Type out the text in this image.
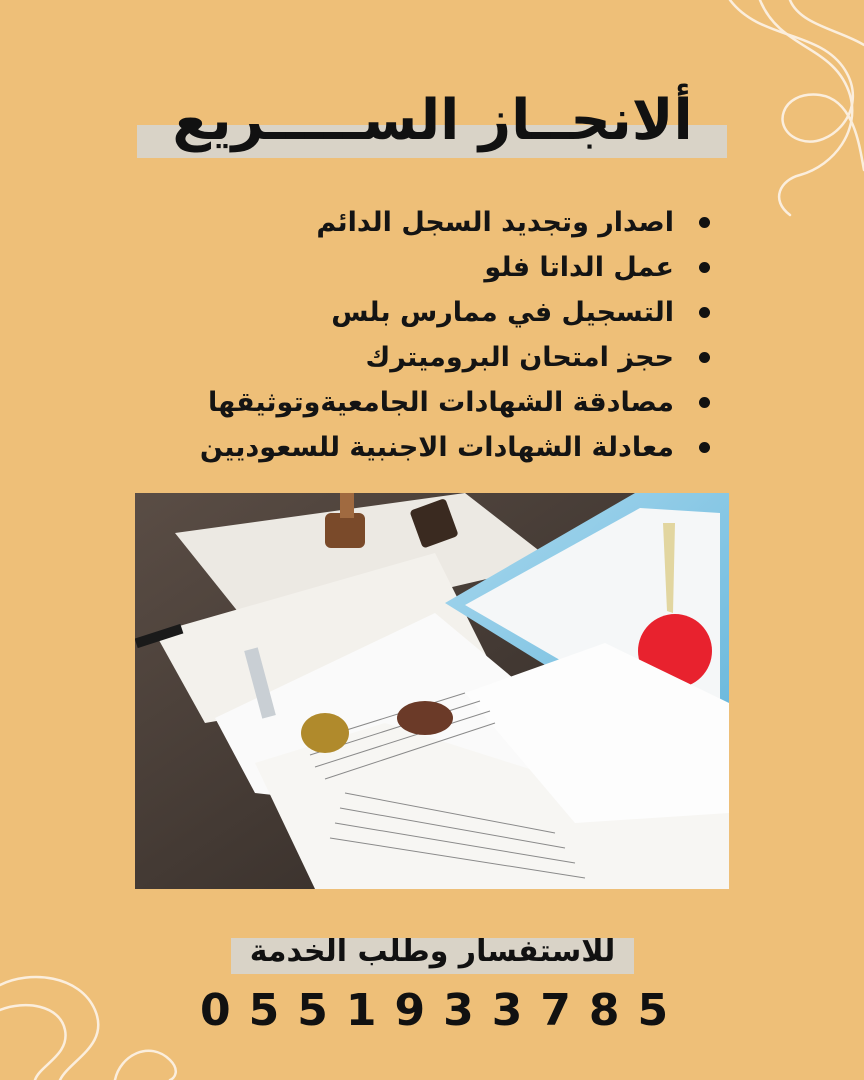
ألانجــاز الســـــريع
اصدار وتجديد السجل الدائم
عمل الداتا فلو
التسجيل في ممارس بلس
حجز امتحان البروميترك
مصادقة الشهادات الجامعيةوتوثيقها
معادلة الشهادات الاجنبية للسعوديين
للاستفسار وطلب الخدمة
0551933785
